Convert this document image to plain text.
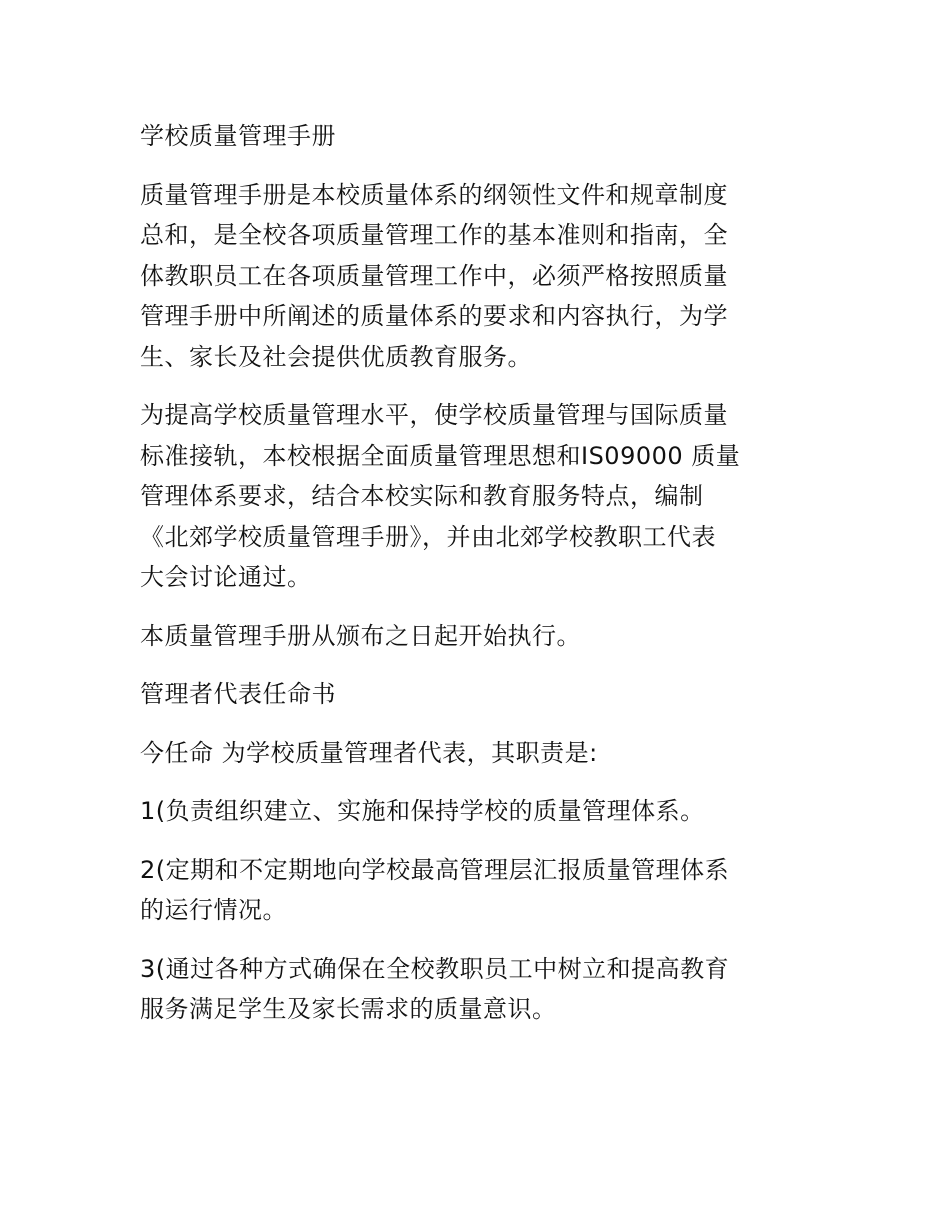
学校质量管理手册

质量管理手册是本校质量体系的纲领性文件和规章制度
总和，是全校各项质量管理工作的基本准则和指南，全
体教职员工在各项质量管理工作中，必须严格按照质量
管理手册中所阐述的质量体系的要求和内容执行，为学
生、家长及社会提供优质教育服务。

为提高学校质量管理水平，使学校质量管理与国际质量
标准接轨，本校根据全面质量管理思想和IS09000 质量
管理体系要求，结合本校实际和教育服务特点，编制
《北郊学校质量管理手册》，并由北郊学校教职工代表
大会讨论通过。

本质量管理手册从颁布之日起开始执行。

管理者代表任命书

今任命 为学校质量管理者代表，其职责是:

1(负责组织建立、实施和保持学校的质量管理体系。

2(定期和不定期地向学校最高管理层汇报质量管理体系
的运行情况。

3(通过各种方式确保在全校教职员工中树立和提高教育
服务满足学生及家长需求的质量意识。
